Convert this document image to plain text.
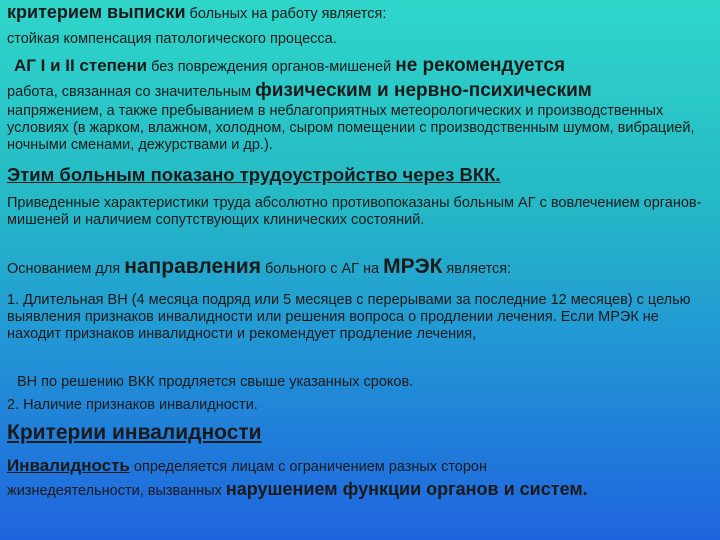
критерием выписки больных на работу является:
стойкая компенсация патологического процесса.
АГ I и II степени без повреждения органов-мишеней не рекомендуется
работа, связанная со значительным физическим и нервно-психическим
напряжением, а также пребыванием в неблагоприятных метеорологических и производственных условиях (в жарком, влажном, холодном, сыром помещении с производственным шумом, вибрацией, ночными сменами, дежурствами и др.).
Этим больным показано трудоустройство через ВКК.
Приведенные характеристики труда абсолютно противопоказаны больным АГ с вовлечением органов-мишеней и наличием сопутствующих клинических состояний.
Основанием для направления больного с АГ на МРЭК является:
1. Длительная ВН (4 месяца подряд или 5 месяцев с перерывами за последние 12 месяцев) с целью выявления признаков инвалидности или решения вопроса о продлении лечения. Если МРЭК не находит признаков инвалидности и рекомендует продление лечения,
ВН по решению ВКК продляется свыше указанных сроков.
2. Наличие признаков инвалидности.
Критерии инвалидности
Инвалидность определяется лицам с ограничением разных сторон
жизнедеятельности, вызванных нарушением функции органов и систем.
